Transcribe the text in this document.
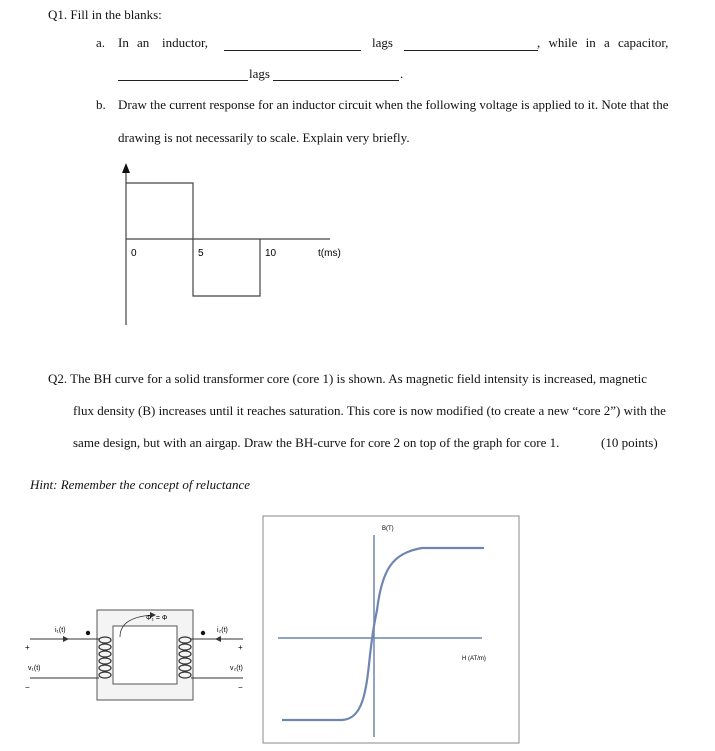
Q1. Fill in the blanks:
a. In an inductor,	lags	, while in a capacitor,
lags	.
b. Draw the current response for an inductor circuit when the following voltage is applied to it. Note that the
drawing is not necessarily to scale. Explain very briefly.
0	5	10	t(ms)
Q2. The BH curve for a solid transformer core (core 1) is shown. As magnetic field intensity is increased, magnetic
flux density (B) increases until it reaches saturation. This core is now modified (to create a new “core 2”) with the
same design, but with an airgap. Draw the BH-curve for core 2 on top of the graph for core 1.	(10 points)
Hint: Remember the concept of reluctance
Φ₁ = Φ
i₁(t)
+
v₁(t)
−
i₂(t)
+
v₂(t)
−
B(T)
H (AT/m)
